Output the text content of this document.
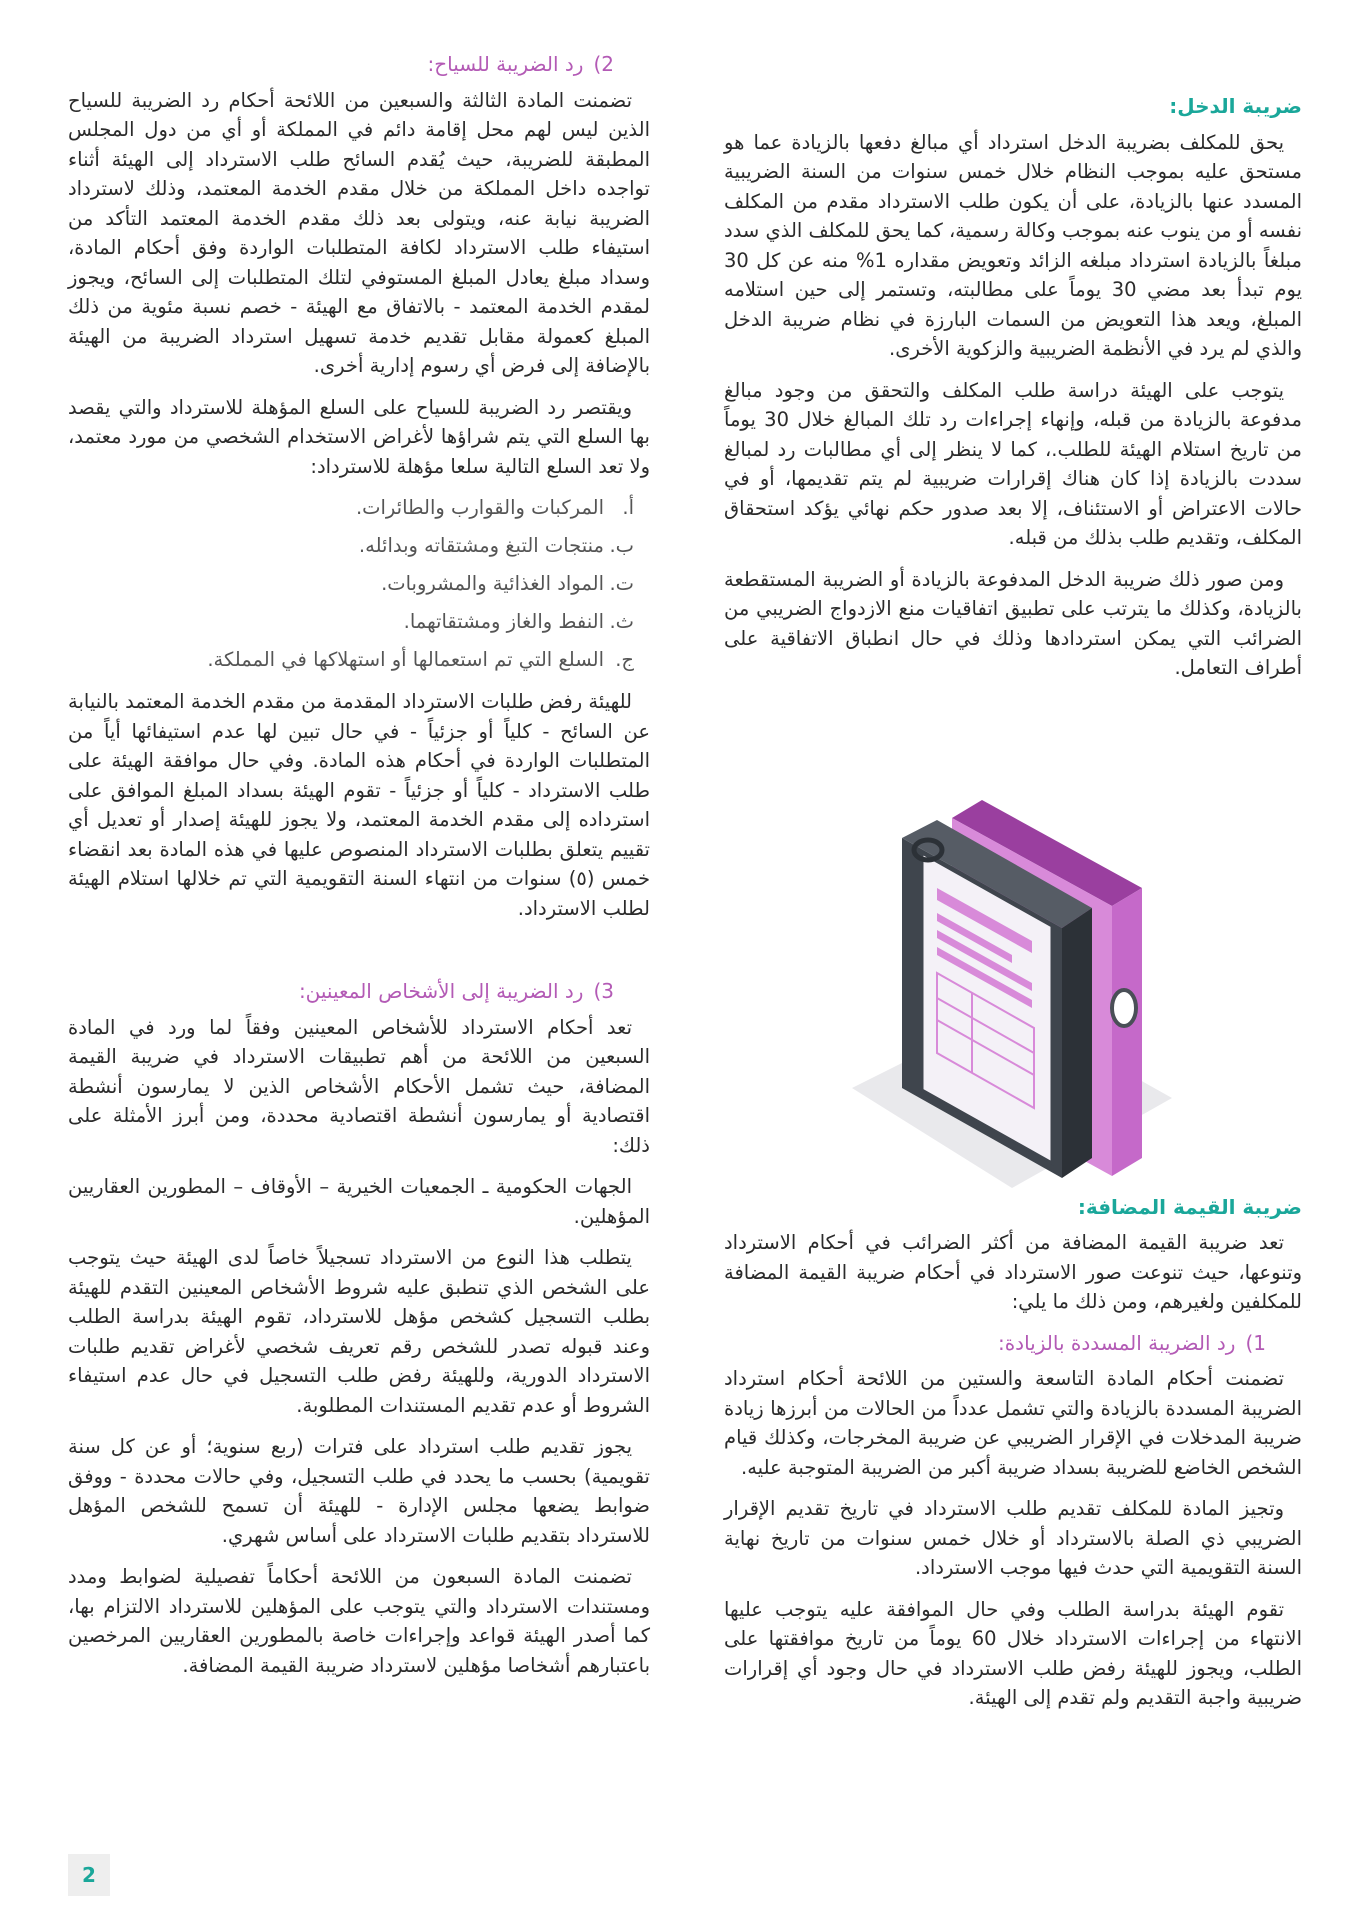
ضريبة الدخل:

يحق للمكلف بضريبة الدخل استرداد أي مبالغ دفعها بالزيادة عما هو مستحق عليه بموجب النظام خلال خمس سنوات من السنة الضريبية المسدد عنها بالزيادة، على أن يكون طلب الاسترداد مقدم من المكلف نفسه أو من ينوب عنه بموجب وكالة رسمية، كما يحق للمكلف الذي سدد مبلغاً بالزيادة استرداد مبلغه الزائد وتعويض مقداره 1% منه عن كل 30 يوم تبدأ بعد مضي 30 يوماً على مطالبته، وتستمر إلى حين استلامه المبلغ، ويعد هذا التعويض من السمات البارزة في نظام ضريبة الدخل والذي لم يرد في الأنظمة الضريبية والزكوية الأخرى.

يتوجب على الهيئة دراسة طلب المكلف والتحقق من وجود مبالغ مدفوعة بالزيادة من قبله، وإنهاء إجراءات رد تلك المبالغ خلال 30 يوماً من تاريخ استلام الهيئة للطلب.، كما لا ينظر إلى أي مطالبات رد لمبالغ سددت بالزيادة إذا كان هناك إقرارات ضريبية لم يتم تقديمها، أو في حالات الاعتراض أو الاستئناف، إلا بعد صدور حكم نهائي يؤكد استحقاق المكلف، وتقديم طلب بذلك من قبله.

ومن صور ذلك ضريبة الدخل المدفوعة بالزيادة أو الضريبة المستقطعة بالزيادة، وكذلك ما يترتب على تطبيق اتفاقيات منع الازدواج الضريبي من الضرائب التي يمكن استردادها وذلك في حال انطباق الاتفاقية على أطراف التعامل.

ضريبة القيمة المضافة:

تعد ضريبة القيمة المضافة من أكثر الضرائب في أحكام الاسترداد وتنوعها، حيث تنوعت صور الاسترداد في أحكام ضريبة القيمة المضافة للمكلفين ولغيرهم، ومن ذلك ما يلي:

1)رد الضريبة المسددة بالزيادة:

تضمنت أحكام المادة التاسعة والستين من اللائحة أحكام استرداد الضريبة المسددة بالزيادة والتي تشمل عدداً من الحالات من أبرزها زيادة ضريبة المدخلات في الإقرار الضريبي عن ضريبة المخرجات، وكذلك قيام الشخص الخاضع للضريبة بسداد ضريبة أكبر من الضريبة المتوجبة عليه.

وتجيز المادة للمكلف تقديم طلب الاسترداد في تاريخ تقديم الإقرار الضريبي ذي الصلة بالاسترداد أو خلال خمس سنوات من تاريخ نهاية السنة التقويمية التي حدث فيها موجب الاسترداد.

تقوم الهيئة بدراسة الطلب وفي حال الموافقة عليه يتوجب عليها الانتهاء من إجراءات الاسترداد خلال 60 يوماً من تاريخ موافقتها على الطلب، ويجوز للهيئة رفض طلب الاسترداد في حال وجود أي إقرارات ضريبية واجبة التقديم ولم تقدم إلى الهيئة.

2)رد الضريبة للسياح:

تضمنت المادة الثالثة والسبعين من اللائحة أحكام رد الضريبة للسياح الذين ليس لهم محل إقامة دائم في المملكة أو أي من دول المجلس المطبقة للضريبة، حيث يُقدم السائح طلب الاسترداد إلى الهيئة أثناء تواجده داخل المملكة من خلال مقدم الخدمة المعتمد، وذلك لاسترداد الضريبة نيابة عنه، ويتولى بعد ذلك مقدم الخدمة المعتمد التأكد من استيفاء طلب الاسترداد لكافة المتطلبات الواردة وفق أحكام المادة، وسداد مبلغ يعادل المبلغ المستوفي لتلك المتطلبات إلى السائح، ويجوز لمقدم الخدمة المعتمد - بالاتفاق مع الهيئة - خصم نسبة مئوية من ذلك المبلغ كعمولة مقابل تقديم خدمة تسهيل استرداد الضريبة من الهيئة بالإضافة إلى فرض أي رسوم إدارية أخرى.

ويقتصر رد الضريبة للسياح على السلع المؤهلة للاسترداد والتي يقصد بها السلع التي يتم شراؤها لأغراض الاستخدام الشخصي من مورد معتمد، ولا تعد السلع التالية سلعا مؤهلة للاسترداد:

أ.المركبات والقوارب والطائرات.
ب.منتجات التبغ ومشتقاته وبدائله.
ت.المواد الغذائية والمشروبات.
ث.النفط والغاز ومشتقاتهما.
ج.السلع التي تم استعمالها أو استهلاكها في المملكة.

للهيئة رفض طلبات الاسترداد المقدمة من مقدم الخدمة المعتمد بالنيابة عن السائح - كلياً أو جزئياً - في حال تبين لها عدم استيفائها أياً من المتطلبات الواردة في أحكام هذه المادة. وفي حال موافقة الهيئة على طلب الاسترداد - كلياً أو جزئياً - تقوم الهيئة بسداد المبلغ الموافق على استرداده إلى مقدم الخدمة المعتمد، ولا يجوز للهيئة إصدار أو تعديل أي تقييم يتعلق بطلبات الاسترداد المنصوص عليها في هذه المادة بعد انقضاء خمس (٥) سنوات من انتهاء السنة التقويمية التي تم خلالها استلام الهيئة لطلب الاسترداد.

3)رد الضريبة إلى الأشخاص المعينين:

تعد أحكام الاسترداد للأشخاص المعينين وفقاً لما ورد في المادة السبعين من اللائحة من أهم تطبيقات الاسترداد في ضريبة القيمة المضافة، حيث تشمل الأحكام الأشخاص الذين لا يمارسون أنشطة اقتصادية أو يمارسون أنشطة اقتصادية محددة، ومن أبرز الأمثلة على ذلك:

الجهات الحكومية ـ الجمعيات الخيرية – الأوقاف – المطورين العقاريين المؤهلين.

يتطلب هذا النوع من الاسترداد تسجيلاً خاصاً لدى الهيئة حيث يتوجب على الشخص الذي تنطبق عليه شروط الأشخاص المعينين التقدم للهيئة بطلب التسجيل كشخص مؤهل للاسترداد، تقوم الهيئة بدراسة الطلب وعند قبوله تصدر للشخص رقم تعريف شخصي لأغراض تقديم طلبات الاسترداد الدورية، وللهيئة رفض طلب التسجيل في حال عدم استيفاء الشروط أو عدم تقديم المستندات المطلوبة.

يجوز تقديم طلب استرداد على فترات (ربع سنوية؛ أو عن كل سنة تقويمية) بحسب ما يحدد في طلب التسجيل، وفي حالات محددة - ووفق ضوابط يضعها مجلس الإدارة - للهيئة أن تسمح للشخص المؤهل للاسترداد بتقديم طلبات الاسترداد على أساس شهري.

تضمنت المادة السبعون من اللائحة أحكاماً تفصيلية لضوابط ومدد ومستندات الاسترداد والتي يتوجب على المؤهلين للاسترداد الالتزام بها، كما أصدر الهيئة قواعد وإجراءات خاصة بالمطورين العقاريين المرخصين باعتبارهم أشخاصا مؤهلين لاسترداد ضريبة القيمة المضافة.

2
